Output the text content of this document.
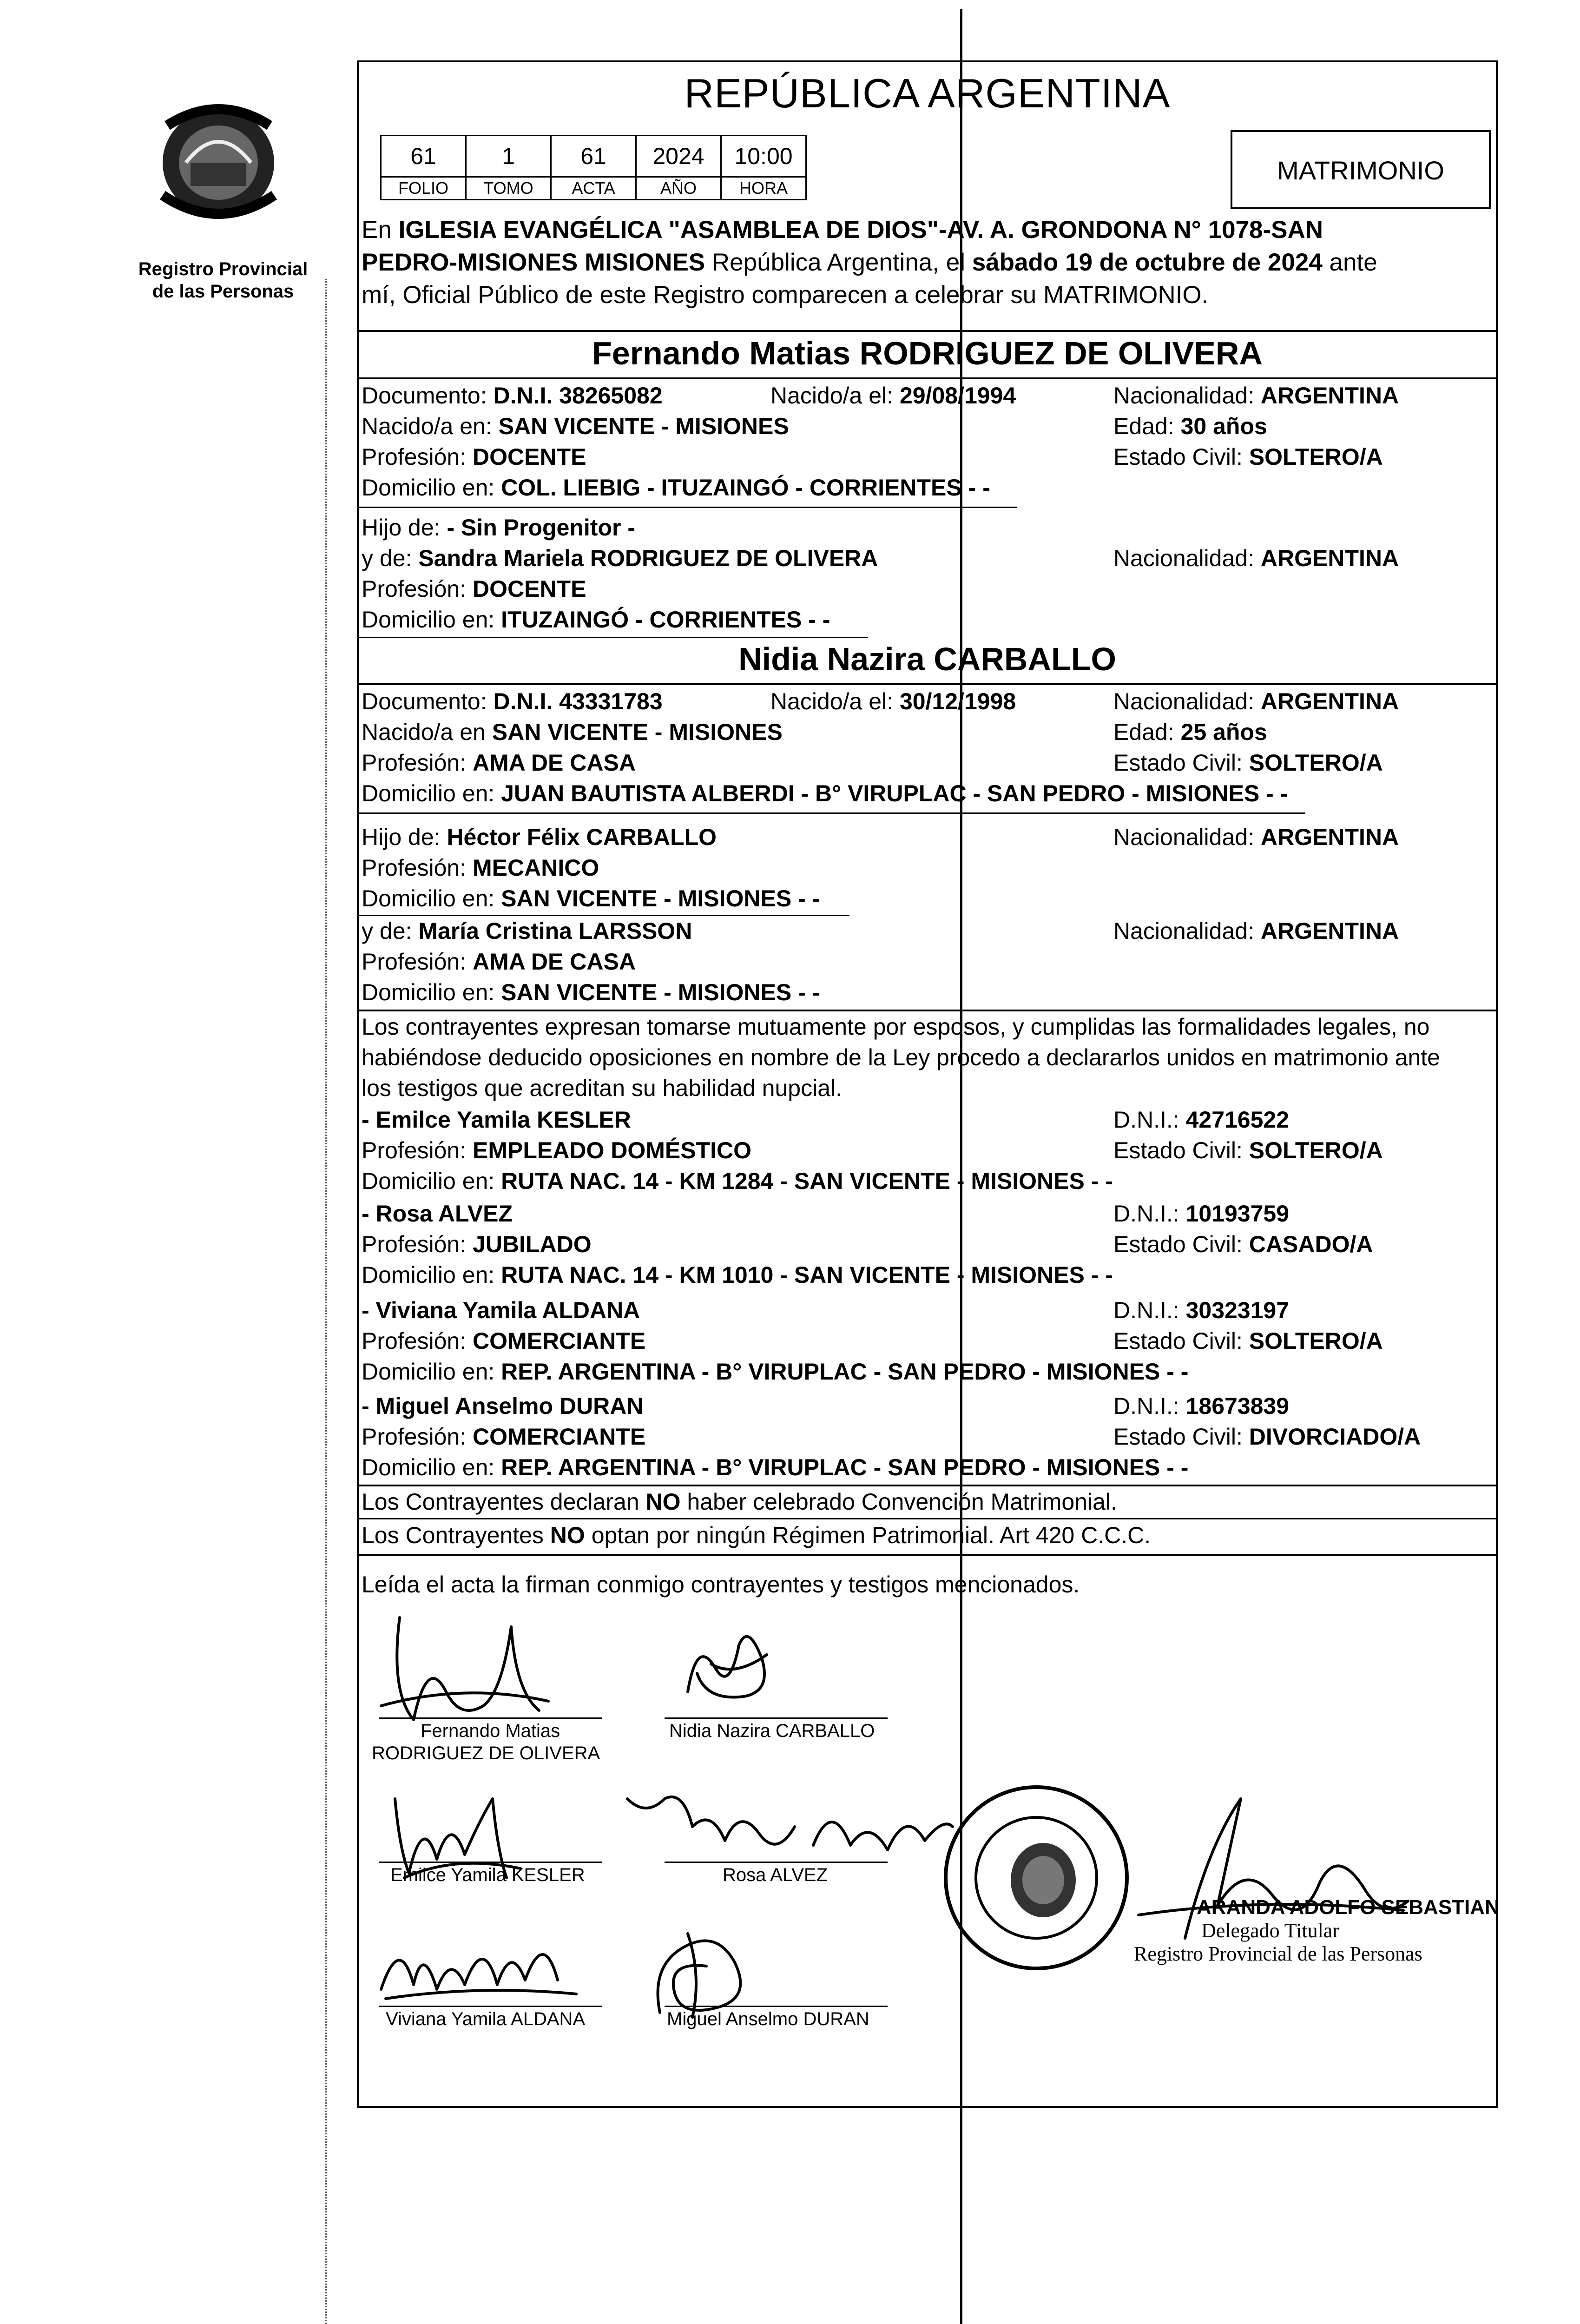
Registro Provincial
de las Personas
REPÚBLICA ARGENTINA
61	1	61	2024	10:00
FOLIO	TOMO	ACTA	AÑO	HORA
MATRIMONIO
En IGLESIA EVANGÉLICA "ASAMBLEA DE DIOS"-AV. A. GRONDONA N° 1078-SAN
PEDRO-MISIONES MISIONES República Argentina, el sábado 19 de octubre de 2024 ante
mí, Oficial Público de este Registro comparecen a celebrar su MATRIMONIO.
Fernando Matias RODRIGUEZ DE OLIVERA
Documento: D.N.I. 38265082	Nacido/a el: 29/08/1994	Nacionalidad: ARGENTINA
Nacido/a en: SAN VICENTE - MISIONES	Edad: 30 años
Profesión: DOCENTE	Estado Civil: SOLTERO/A
Domicilio en: COL. LIEBIG - ITUZAINGÓ - CORRIENTES - -
Hijo de: - Sin Progenitor -
y de: Sandra Mariela RODRIGUEZ DE OLIVERA	Nacionalidad: ARGENTINA
Profesión: DOCENTE
Domicilio en: ITUZAINGÓ - CORRIENTES - -
Nidia Nazira CARBALLO
Documento: D.N.I. 43331783	Nacido/a el: 30/12/1998	Nacionalidad: ARGENTINA
Nacido/a en SAN VICENTE - MISIONES	Edad: 25 años
Profesión: AMA DE CASA	Estado Civil: SOLTERO/A
Domicilio en: JUAN BAUTISTA ALBERDI - B° VIRUPLAC - SAN PEDRO - MISIONES - -
Hijo de: Héctor Félix CARBALLO	Nacionalidad: ARGENTINA
Profesión: MECANICO
Domicilio en: SAN VICENTE - MISIONES - -
y de: María Cristina LARSSON	Nacionalidad: ARGENTINA
Profesión: AMA DE CASA
Domicilio en: SAN VICENTE - MISIONES - -
Los contrayentes expresan tomarse mutuamente por esposos, y cumplidas las formalidades legales, no
habiéndose deducido oposiciones en nombre de la Ley procedo a declararlos unidos en matrimonio ante
los testigos que acreditan su habilidad nupcial.
- Emilce Yamila KESLER	D.N.I.: 42716522
Profesión: EMPLEADO DOMÉSTICO	Estado Civil: SOLTERO/A
Domicilio en: RUTA NAC. 14 - KM 1284 - SAN VICENTE - MISIONES - -
- Rosa ALVEZ	D.N.I.: 10193759
Profesión: JUBILADO	Estado Civil: CASADO/A
Domicilio en: RUTA NAC. 14 - KM 1010 - SAN VICENTE - MISIONES - -
- Viviana Yamila ALDANA	D.N.I.: 30323197
Profesión: COMERCIANTE	Estado Civil: SOLTERO/A
Domicilio en: REP. ARGENTINA - B° VIRUPLAC - SAN PEDRO - MISIONES - -
- Miguel Anselmo DURAN	D.N.I.: 18673839
Profesión: COMERCIANTE	Estado Civil: DIVORCIADO/A
Domicilio en: REP. ARGENTINA - B° VIRUPLAC - SAN PEDRO - MISIONES - -
Los Contrayentes declaran NO haber celebrado Convención Matrimonial.
Los Contrayentes NO optan por ningún Régimen Patrimonial. Art 420 C.C.C.
Leída el acta la firman conmigo contrayentes y testigos mencionados.
Fernando Matias
RODRIGUEZ DE OLIVERA
Nidia Nazira CARBALLO
Emilce Yamila KESLER	Rosa ALVEZ
Viviana Yamila ALDANA	Miguel Anselmo DURAN
ARANDA ADOLFO SEBASTIAN
Delegado Titular
Registro Provincial de las Personas
